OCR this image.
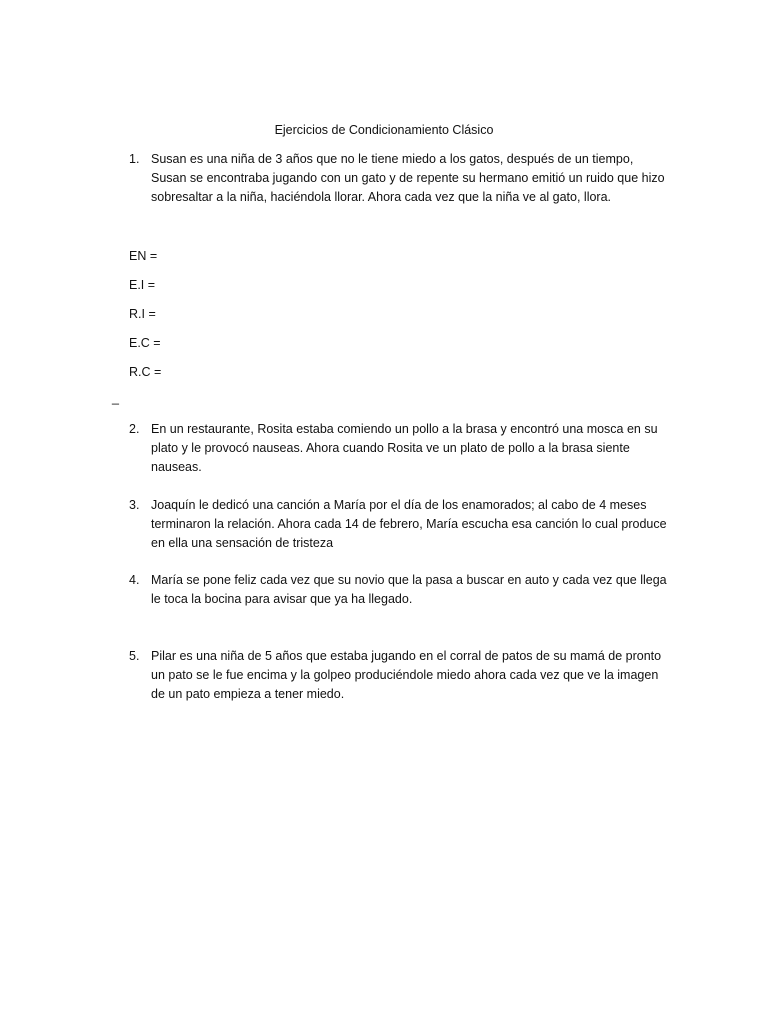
Ejercicios de Condicionamiento Clásico
1. Susan es una niña de 3 años que no le tiene miedo a los gatos, después de un tiempo, Susan se encontraba jugando con un gato y de repente su hermano emitió un ruido que hizo sobresaltar a la niña, haciéndola llorar. Ahora cada vez que la niña ve al gato, llora.
EN =
E.I =
R.I =
E.C =
R.C =
_
2. En un restaurante, Rosita estaba comiendo un pollo a la brasa y encontró una mosca en su plato y le provocó nauseas. Ahora cuando Rosita ve un plato de pollo a la brasa siente nauseas.
3. Joaquín le dedicó una canción a María por el día de los enamorados; al cabo de 4 meses terminaron la relación. Ahora cada 14 de febrero, María escucha esa canción lo cual produce en ella una sensación de tristeza
4. María se pone feliz cada vez que su novio que la pasa a buscar en auto y cada vez que llega le toca la bocina para avisar que ya ha llegado.
5. Pilar es una niña de 5 años que estaba jugando en el corral de patos de su mamá de pronto un pato se le fue encima y la golpeo produciéndole miedo ahora cada vez que ve la imagen de un pato empieza a tener miedo.
